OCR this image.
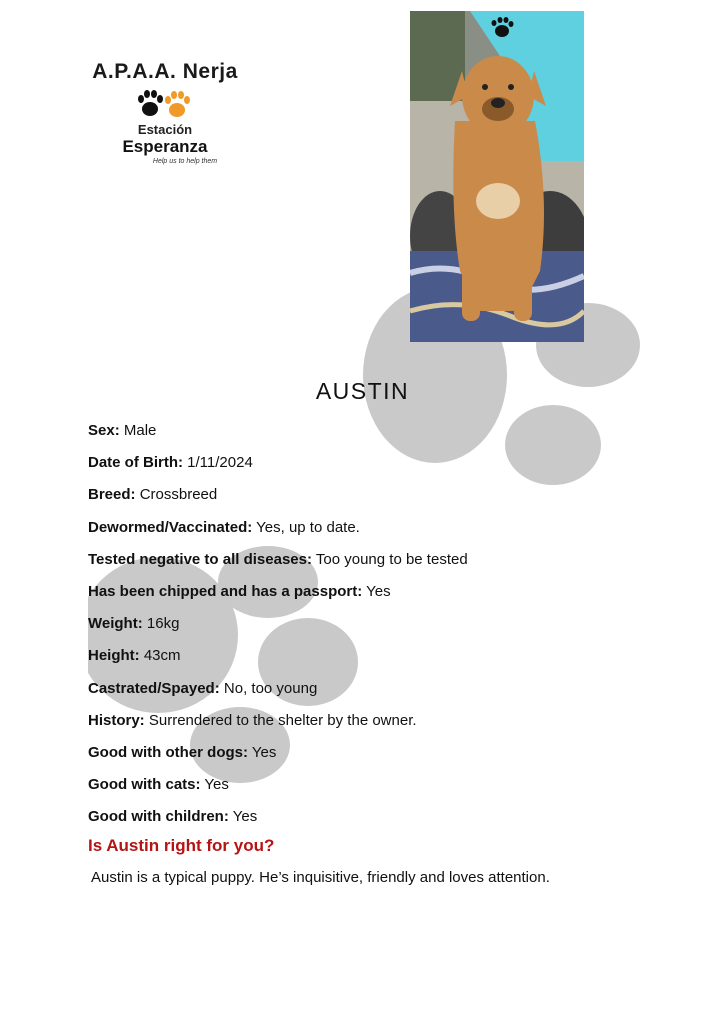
A.P.A.A. Nerja
Estación
Esperanza
Help us to help them
AUSTIN
Sex: Male
Date of Birth: 1/11/2024
Breed: Crossbreed
Dewormed/Vaccinated: Yes, up to date.
Tested negative to all diseases: Too young to be tested
Has been chipped and has a passport: Yes
Weight: 16kg
Height: 43cm
Castrated/Spayed: No, too young
History: Surrendered to the shelter by the owner.
Good with other dogs: Yes
Good with cats: Yes
Good with children: Yes
Is Austin right for you?
Austin is a typical puppy. He’s inquisitive, friendly and loves attention.
